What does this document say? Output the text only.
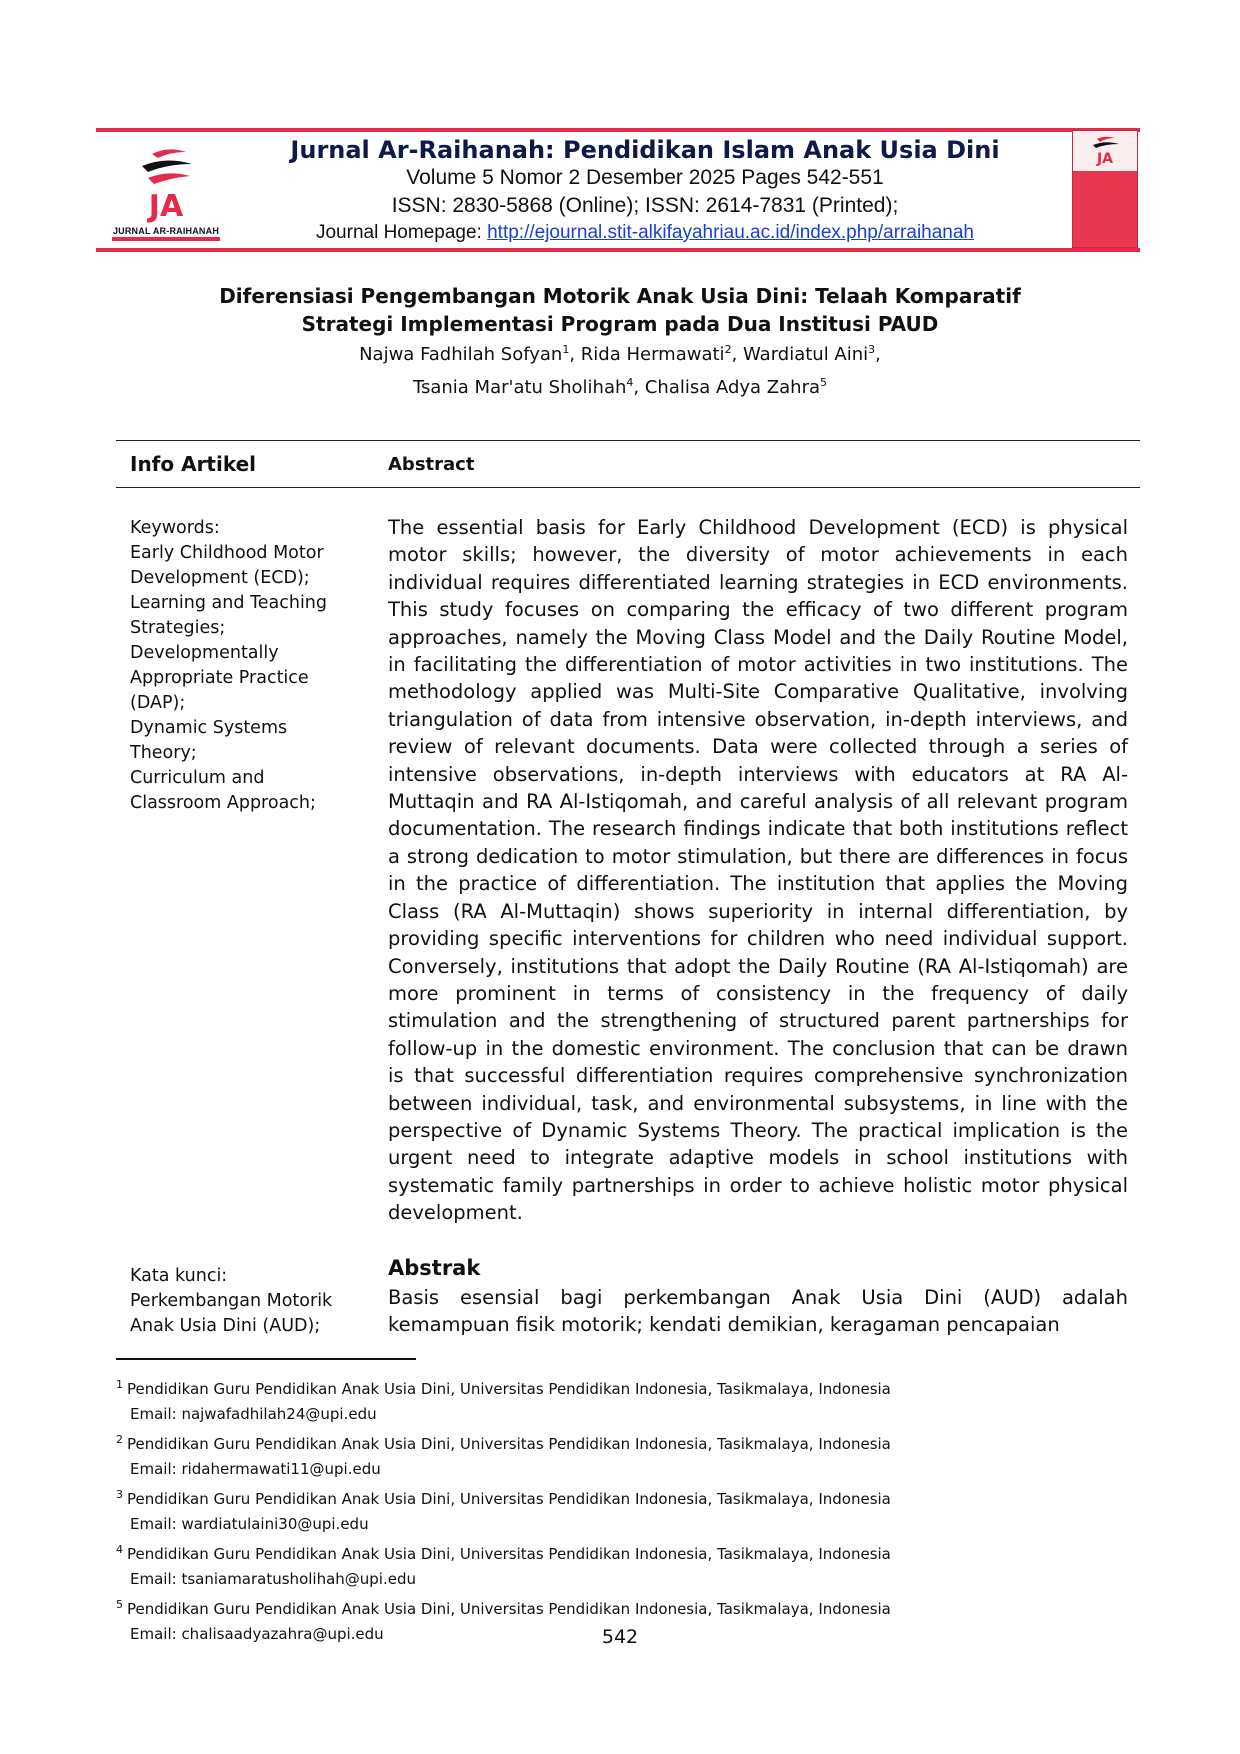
JA
JURNAL AR-RAIHANAH
JA
Jurnal Ar-Raihanah: Pendidikan Islam Anak Usia Dini
Volume 5 Nomor 2 Desember 2025 Pages 542-551
ISSN: 2830-5868 (Online); ISSN: 2614-7831 (Printed);
Journal Homepage: http://ejournal.stit-alkifayahriau.ac.id/index.php/arraihanah
Diferensiasi Pengembangan Motorik Anak Usia Dini: Telaah Komparatif
Strategi Implementasi Program pada Dua Institusi PAUD
Najwa Fadhilah Sofyan$^1$, Rida Hermawati$^2$, Wardiatul Aini$^3$,
Tsania Mar'atu Sholihah$^4$, Chalisa Adya Zahra$^5$
Info Artikel	Abstract
Keywords:
Early Childhood Motor
Development (ECD);
Learning and Teaching
Strategies;
Developmentally
Appropriate Practice
(DAP);
Dynamic Systems
Theory;
Curriculum and
Classroom Approach;
The essential basis for Early Childhood Development (ECD) is physical motor skills; however, the diversity of motor achievements in each individual requires differentiated learning strategies in ECD environments. This study focuses on comparing the efficacy of two different program approaches, namely the Moving Class Model and the Daily Routine Model, in facilitating the differentiation of motor activities in two institutions. The methodology applied was Multi-Site Comparative Qualitative, involving triangulation of data from intensive observation, in-depth interviews, and review of relevant documents. Data were collected through a series of intensive observations, in-depth interviews with educators at RA Al-Muttaqin and RA Al-Istiqomah, and careful analysis of all relevant program documentation. The research findings indicate that both institutions reflect a strong dedication to motor stimulation, but there are differences in focus in the practice of differentiation. The institution that applies the Moving Class (RA Al-Muttaqin) shows superiority in internal differentiation, by providing specific interventions for children who need individual support. Conversely, institutions that adopt the Daily Routine (RA Al-Istiqomah) are more prominent in terms of consistency in the frequency of daily stimulation and the strengthening of structured parent partnerships for follow-up in the domestic environment. The conclusion that can be drawn is that successful differentiation requires comprehensive synchronization between individual, task, and environmental subsystems, in line with the perspective of Dynamic Systems Theory. The practical implication is the urgent need to integrate adaptive models in school institutions with systematic family partnerships in order to achieve holistic motor physical development.
Kata kunci:
Perkembangan Motorik
Anak Usia Dini (AUD);
Abstrak
Basis esensial bagi perkembangan Anak Usia Dini (AUD) adalah kemampuan fisik motorik; kendati demikian, keragaman pencapaian
$^1$ Pendidikan Guru Pendidikan Anak Usia Dini, Universitas Pendidikan Indonesia, Tasikmalaya, Indonesia
Email: najwafadhilah24@upi.edu
$^2$ Pendidikan Guru Pendidikan Anak Usia Dini, Universitas Pendidikan Indonesia, Tasikmalaya, Indonesia
Email: ridahermawati11@upi.edu
$^3$ Pendidikan Guru Pendidikan Anak Usia Dini, Universitas Pendidikan Indonesia, Tasikmalaya, Indonesia
Email: wardiatulaini30@upi.edu
$^4$ Pendidikan Guru Pendidikan Anak Usia Dini, Universitas Pendidikan Indonesia, Tasikmalaya, Indonesia
Email: tsaniamaratusholihah@upi.edu
$^5$ Pendidikan Guru Pendidikan Anak Usia Dini, Universitas Pendidikan Indonesia, Tasikmalaya, Indonesia
Email: chalisaadyazahra@upi.edu	542
